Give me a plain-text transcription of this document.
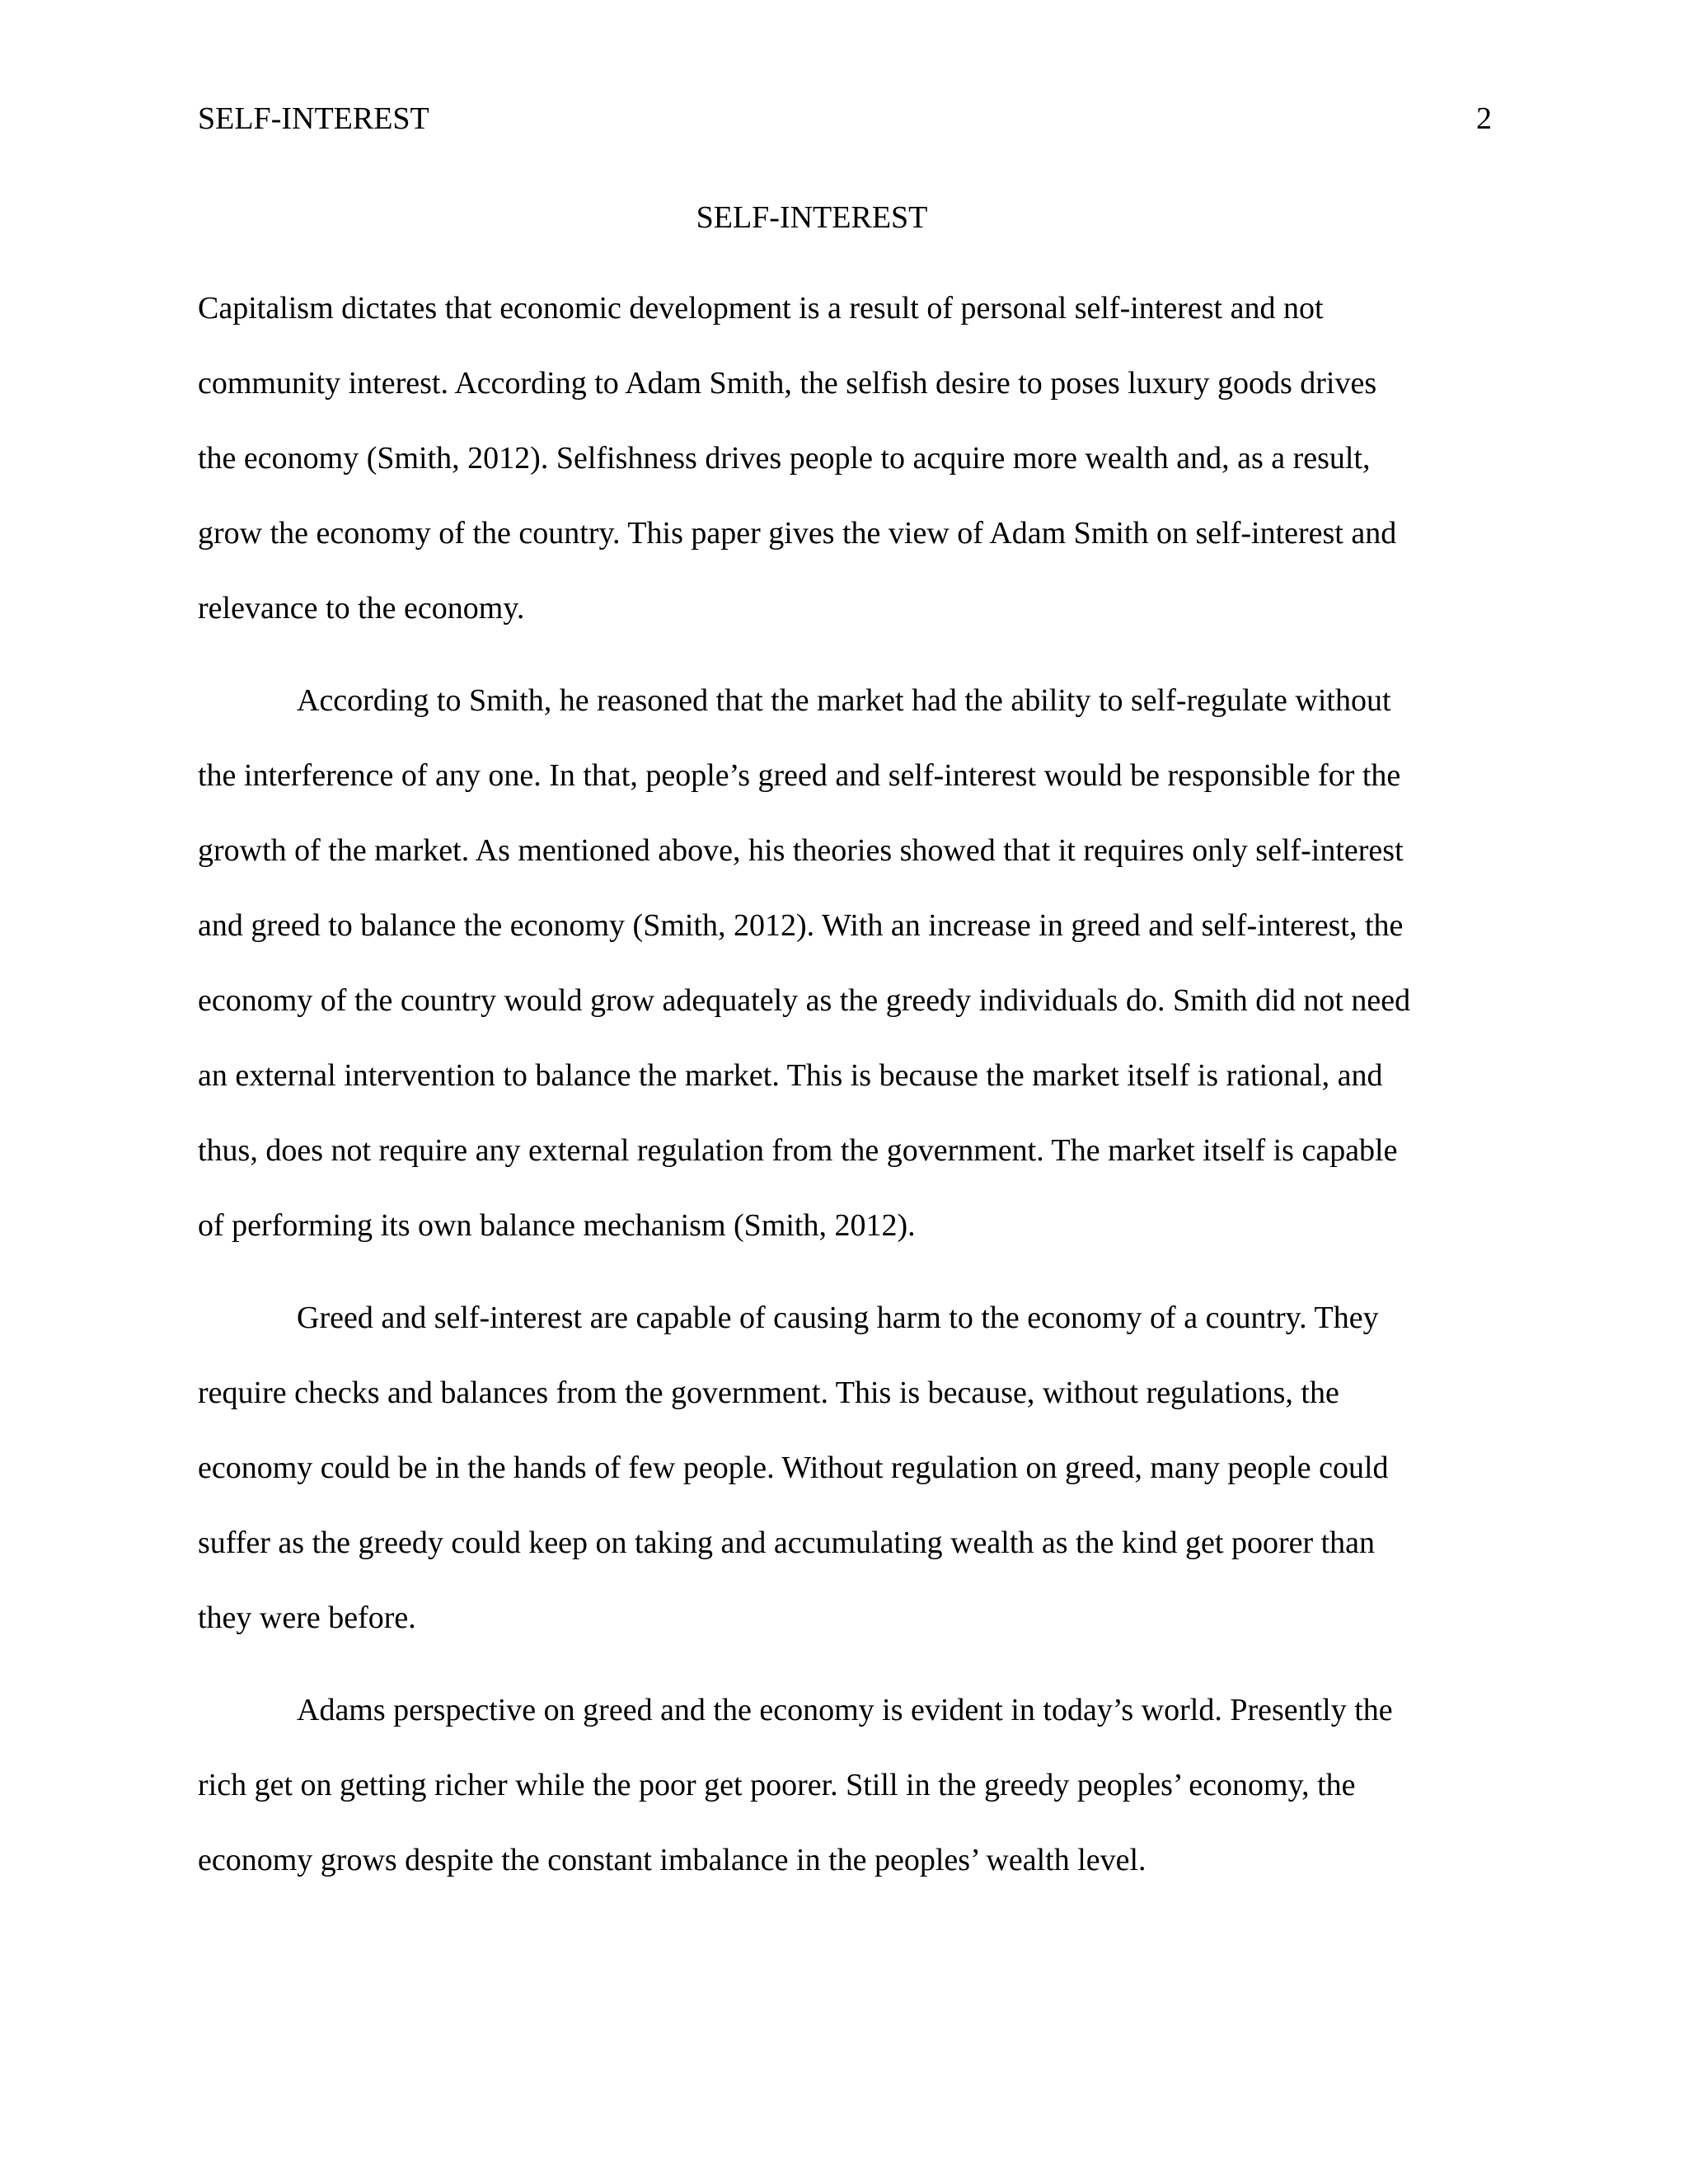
SELF-INTEREST	2
SELF-INTEREST
Capitalism dictates that economic development is a result of personal self-interest and not
community interest. According to Adam Smith, the selfish desire to poses luxury goods drives
the economy (Smith, 2012). Selfishness drives people to acquire more wealth and, as a result,
grow the economy of the country. This paper gives the view of Adam Smith on self-interest and
relevance to the economy.
According to Smith, he reasoned that the market had the ability to self-regulate without
the interference of any one. In that, people’s greed and self-interest would be responsible for the
growth of the market. As mentioned above, his theories showed that it requires only self-interest
and greed to balance the economy (Smith, 2012). With an increase in greed and self-interest, the
economy of the country would grow adequately as the greedy individuals do. Smith did not need
an external intervention to balance the market. This is because the market itself is rational, and
thus, does not require any external regulation from the government. The market itself is capable
of performing its own balance mechanism (Smith, 2012).
Greed and self-interest are capable of causing harm to the economy of a country. They
require checks and balances from the government. This is because, without regulations, the
economy could be in the hands of few people. Without regulation on greed, many people could
suffer as the greedy could keep on taking and accumulating wealth as the kind get poorer than
they were before.
Adams perspective on greed and the economy is evident in today’s world. Presently the
rich get on getting richer while the poor get poorer. Still in the greedy peoples’ economy, the
economy grows despite the constant imbalance in the peoples’ wealth level.
